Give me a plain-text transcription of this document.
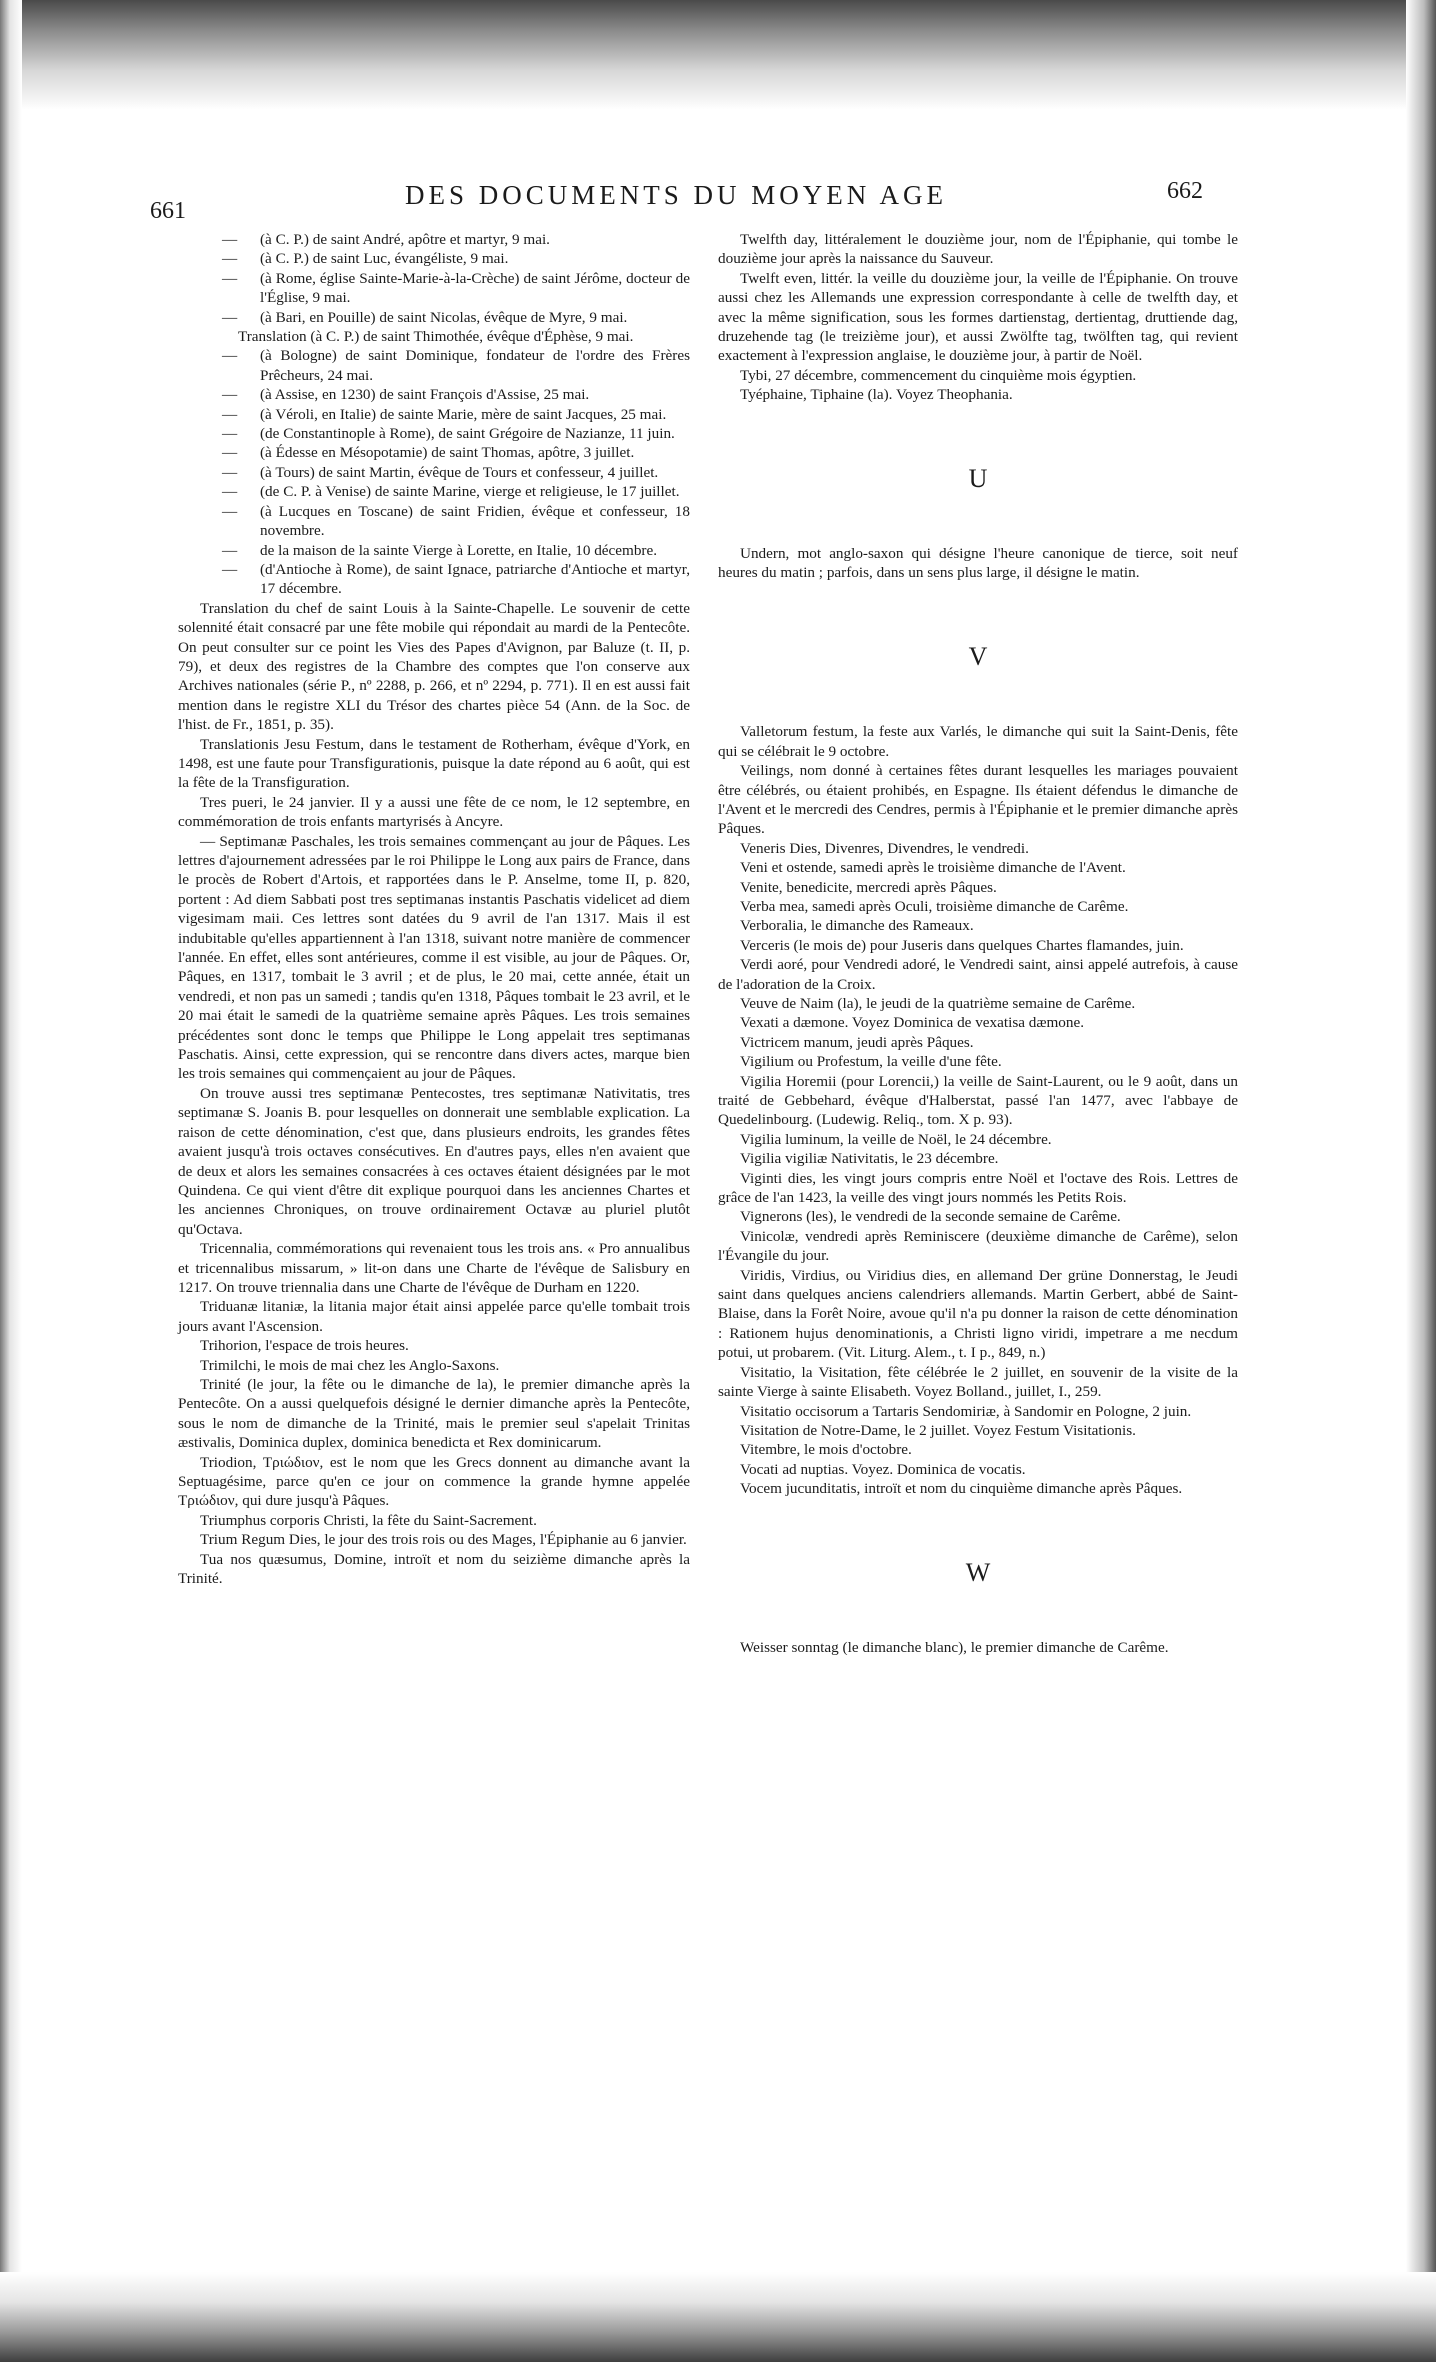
661
DES DOCUMENTS DU MOYEN AGE	662

— (à C. P.) de saint André, apôtre et martyr, 9 mai.

— (à C. P.) de saint Luc, évangéliste, 9 mai.

— (à Rome, église Sainte-Marie-à-la-Crèche) de saint Jérôme, docteur de l'Église, 9 mai.

— (à Bari, en Pouille) de saint Nicolas, évêque de Myre, 9 mai.

Translation (à C. P.) de saint Thimothée, évêque d'Éphèse, 9 mai.

— (à Bologne) de saint Dominique, fondateur de l'ordre des Frères Prêcheurs, 24 mai.

— (à Assise, en 1230) de saint François d'Assise, 25 mai.

— (à Véroli, en Italie) de sainte Marie, mère de saint Jacques, 25 mai.

— (de Constantinople à Rome), de saint Grégoire de Nazianze, 11 juin.

— (à Édesse en Mésopotamie) de saint Thomas, apôtre, 3 juillet.

— (à Tours) de saint Martin, évêque de Tours et confesseur, 4 juillet.

— (de C. P. à Venise) de sainte Marine, vierge et religieuse, le 17 juillet.

— (à Lucques en Toscane) de saint Fridien, évêque et confesseur, 18 novembre.

— de la maison de la sainte Vierge à Lorette, en Italie, 10 décembre.

— (d'Antioche à Rome), de saint Ignace, patriarche d'Antioche et martyr, 17 décembre.

Translation du chef de saint Louis à la Sainte-Chapelle. Le souvenir de cette solennité était consacré par une fête mobile qui répondait au mardi de la Pentecôte. On peut consulter sur ce point les Vies des Papes d'Avignon, par Baluze (t. II, p. 79), et deux des registres de la Chambre des comptes que l'on conserve aux Archives nationales (série P., nº 2288, p. 266, et nº 2294, p. 771). Il en est aussi fait mention dans le registre XLI du Trésor des chartes pièce 54 (Ann. de la Soc. de l'hist. de Fr., 1851, p. 35).

Translationis Jesu Festum, dans le testament de Rotherham, évêque d'York, en 1498, est une faute pour Transfigurationis, puisque la date répond au 6 août, qui est la fête de la Transfiguration.

Tres pueri, le 24 janvier. Il y a aussi une fête de ce nom, le 12 septembre, en commémoration de trois enfants martyrisés à Ancyre.

— Septimanæ Paschales, les trois semaines commençant au jour de Pâques. Les lettres d'ajournement adressées par le roi Philippe le Long aux pairs de France, dans le procès de Robert d'Artois, et rapportées dans le P. Anselme, tome II, p. 820, portent : Ad diem Sabbati post tres septimanas instantis Paschatis videlicet ad diem vigesimam maii. Ces lettres sont datées du 9 avril de l'an 1317. Mais il est indubitable qu'elles appartiennent à l'an 1318, suivant notre manière de commencer l'année. En effet, elles sont antérieures, comme il est visible, au jour de Pâques. Or, Pâques, en 1317, tombait le 3 avril ; et de plus, le 20 mai, cette année, était un vendredi, et non pas un samedi ; tandis qu'en 1318, Pâques tombait le 23 avril, et le 20 mai était le samedi de la quatrième semaine après Pâques. Les trois semaines précédentes sont donc le temps que Philippe le Long appelait tres septimanas Paschatis. Ainsi, cette expression, qui se rencontre dans divers actes, marque bien les trois semaines qui commençaient au jour de Pâques.

On trouve aussi tres septimanæ Pentecostes, tres septimanæ Nativitatis, tres septimanæ S. Joanis B. pour lesquelles on donnerait une semblable explication. La raison de cette dénomination, c'est que, dans plusieurs endroits, les grandes fêtes avaient jusqu'à trois octaves consécutives. En d'autres pays, elles n'en avaient que de deux et alors les semaines consacrées à ces octaves étaient désignées par le mot Quindena. Ce qui vient d'être dit explique pourquoi dans les anciennes Chartes et les anciennes Chroniques, on trouve ordinairement Octavæ au pluriel plutôt qu'Octava.

Tricennalia, commémorations qui revenaient tous les trois ans. « Pro annualibus et tricennalibus missarum, » lit-on dans une Charte de l'évêque de Salisbury en 1217. On trouve triennalia dans une Charte de l'évêque de Durham en 1220.

Triduanæ litaniæ, la litania major était ainsi appelée parce qu'elle tombait trois jours avant l'Ascension.

Trihorion, l'espace de trois heures.

Trimilchi, le mois de mai chez les Anglo-Saxons.

Trinité (le jour, la fête ou le dimanche de la), le premier dimanche après la Pentecôte. On a aussi quelquefois désigné le dernier dimanche après la Pentecôte, sous le nom de dimanche de la Trinité, mais le premier seul s'apelait Trinitas æstivalis, Dominica duplex, dominica benedicta et Rex dominicarum.

Triodion, Τριώδιον, est le nom que les Grecs donnent au dimanche avant la Septuagésime, parce qu'en ce jour on commence la grande hymne appelée Τριώδιον, qui dure jusqu'à Pâques.

Triumphus corporis Christi, la fête du Saint-Sacrement.

Trium Regum Dies, le jour des trois rois ou des Mages, l'Épiphanie au 6 janvier.

Tua nos quæsumus, Domine, introït et nom du seizième dimanche après la Trinité.

Twelfth day, littéralement le douzième jour, nom de l'Épiphanie, qui tombe le douzième jour après la naissance du Sauveur.

Twelft even, littér. la veille du douzième jour, la veille de l'Épiphanie. On trouve aussi chez les Allemands une expression correspondante à celle de twelfth day, et avec la même signification, sous les formes dartienstag, dertientag, druttiende dag, druzehende tag (le treizième jour), et aussi Zwölfte tag, twölften tag, qui revient exactement à l'expression anglaise, le douzième jour, à partir de Noël.

Tybi, 27 décembre, commencement du cinquième mois égyptien.

Tyéphaine, Tiphaine (la). Voyez Theophania.

U

Undern, mot anglo-saxon qui désigne l'heure canonique de tierce, soit neuf heures du matin ; parfois, dans un sens plus large, il désigne le matin.

V

Valletorum festum, la feste aux Varlés, le dimanche qui suit la Saint-Denis, fête qui se célébrait le 9 octobre.

Veilings, nom donné à certaines fêtes durant lesquelles les mariages pouvaient être célébrés, ou étaient prohibés, en Espagne. Ils étaient défendus le dimanche de l'Avent et le mercredi des Cendres, permis à l'Épiphanie et le premier dimanche après Pâques.

Veneris Dies, Divenres, Divendres, le vendredi.

Veni et ostende, samedi après le troisième dimanche de l'Avent.

Venite, benedicite, mercredi après Pâques.

Verba mea, samedi après Oculi, troisième dimanche de Carême.

Verboralia, le dimanche des Rameaux.

Verceris (le mois de) pour Juseris dans quelques Chartes flamandes, juin.

Verdi aoré, pour Vendredi adoré, le Vendredi saint, ainsi appelé autrefois, à cause de l'adoration de la Croix.

Veuve de Naim (la), le jeudi de la quatrième semaine de Carême.

Vexati a dæmone. Voyez Dominica de vexatisa dæmone.

Victricem manum, jeudi après Pâques.

Vigilium ou Profestum, la veille d'une fête.

Vigilia Horemii (pour Lorencii,) la veille de Saint-Laurent, ou le 9 août, dans un traité de Gebbehard, évêque d'Halberstat, passé l'an 1477, avec l'abbaye de Quedelinbourg. (Ludewig. Reliq., tom. X p. 93).

Vigilia luminum, la veille de Noël, le 24 décembre.

Vigilia vigiliæ Nativitatis, le 23 décembre.

Viginti dies, les vingt jours compris entre Noël et l'octave des Rois. Lettres de grâce de l'an 1423, la veille des vingt jours nommés les Petits Rois.

Vignerons (les), le vendredi de la seconde semaine de Carême.

Vinicolæ, vendredi après Reminiscere (deuxième dimanche de Carême), selon l'Évangile du jour.

Viridis, Virdius, ou Viridius dies, en allemand Der grüne Donnerstag, le Jeudi saint dans quelques anciens calendriers allemands. Martin Gerbert, abbé de Saint-Blaise, dans la Forêt Noire, avoue qu'il n'a pu donner la raison de cette dénomination : Rationem hujus denominationis, a Christi ligno viridi, impetrare a me necdum potui, ut probarem. (Vit. Liturg. Alem., t. I p., 849, n.)

Visitatio, la Visitation, fête célébrée le 2 juillet, en souvenir de la visite de la sainte Vierge à sainte Elisabeth. Voyez Bolland., juillet, I., 259.

Visitatio occisorum a Tartaris Sendomiriæ, à Sandomir en Pologne, 2 juin.

Visitation de Notre-Dame, le 2 juillet. Voyez Festum Visitationis.

Vitembre, le mois d'octobre.

Vocati ad nuptias. Voyez. Dominica de vocatis.

Vocem jucunditatis, introït et nom du cinquième dimanche après Pâques.

W

Weisser sonntag (le dimanche blanc), le premier dimanche de Carême.
